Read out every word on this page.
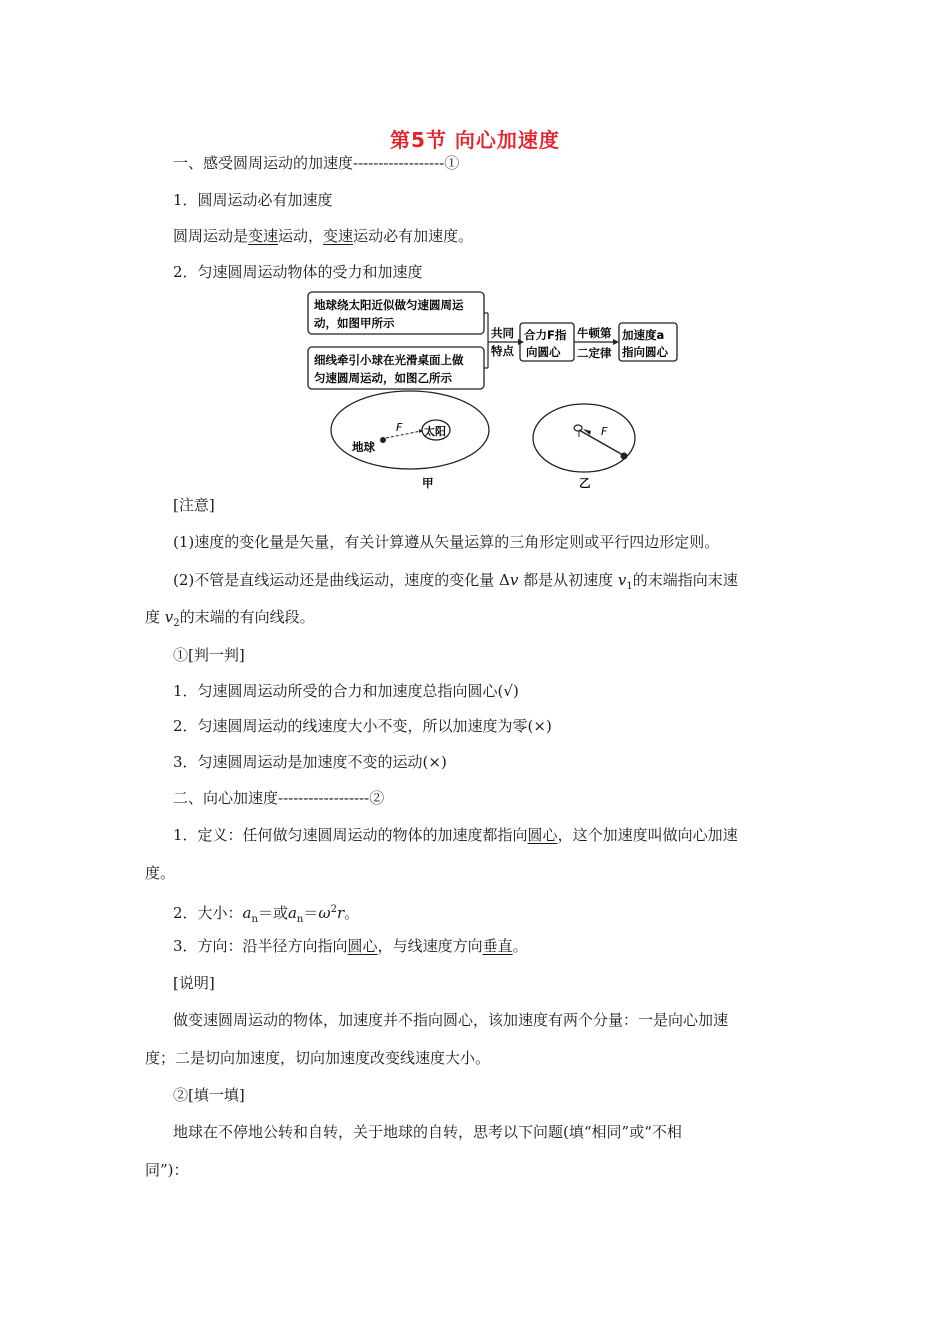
第5节 向心加速度
一、感受圆周运动的加速度------------------①
1．圆周运动必有加速度
圆周运动是变速运动，变速运动必有加速度。
2．匀速圆周运动物体的受力和加速度
地球绕太阳近似做匀速圆周运
动，如图甲所示
细线牵引小球在光滑桌面上做
匀速圆周运动，如图乙所示
共同
特点
合力F指
向圆心
牛顿第
二定律
加速度a
指向圆心
太阳
F
地球
甲
F
乙
[注意]
(1)速度的变化量是矢量，有关计算遵从矢量运算的三角形定则或平行四边形定则。
(2)不管是直线运动还是曲线运动，速度的变化量 Δv 都是从初速度 $v_1$的末端指向末速
度 $v_2$的末端的有向线段。
①[判一判]
1．匀速圆周运动所受的合力和加速度总指向圆心(√)
2．匀速圆周运动的线速度大小不变，所以加速度为零(×)
3．匀速圆周运动是加速度不变的运动(×)
二、向心加速度------------------②
1．定义：任何做匀速圆周运动的物体的加速度都指向圆心，这个加速度叫做向心加速
度。
2．大小：$a_n=$或$a_n=\omega^2r$。
3．方向：沿半径方向指向圆心，与线速度方向垂直。
[说明]
做变速圆周运动的物体，加速度并不指向圆心，该加速度有两个分量：一是向心加速
度；二是切向加速度，切向加速度改变线速度大小。
②[填一填]
地球在不停地公转和自转，关于地球的自转，思考以下问题(填“相同”或“不相
同”)：
